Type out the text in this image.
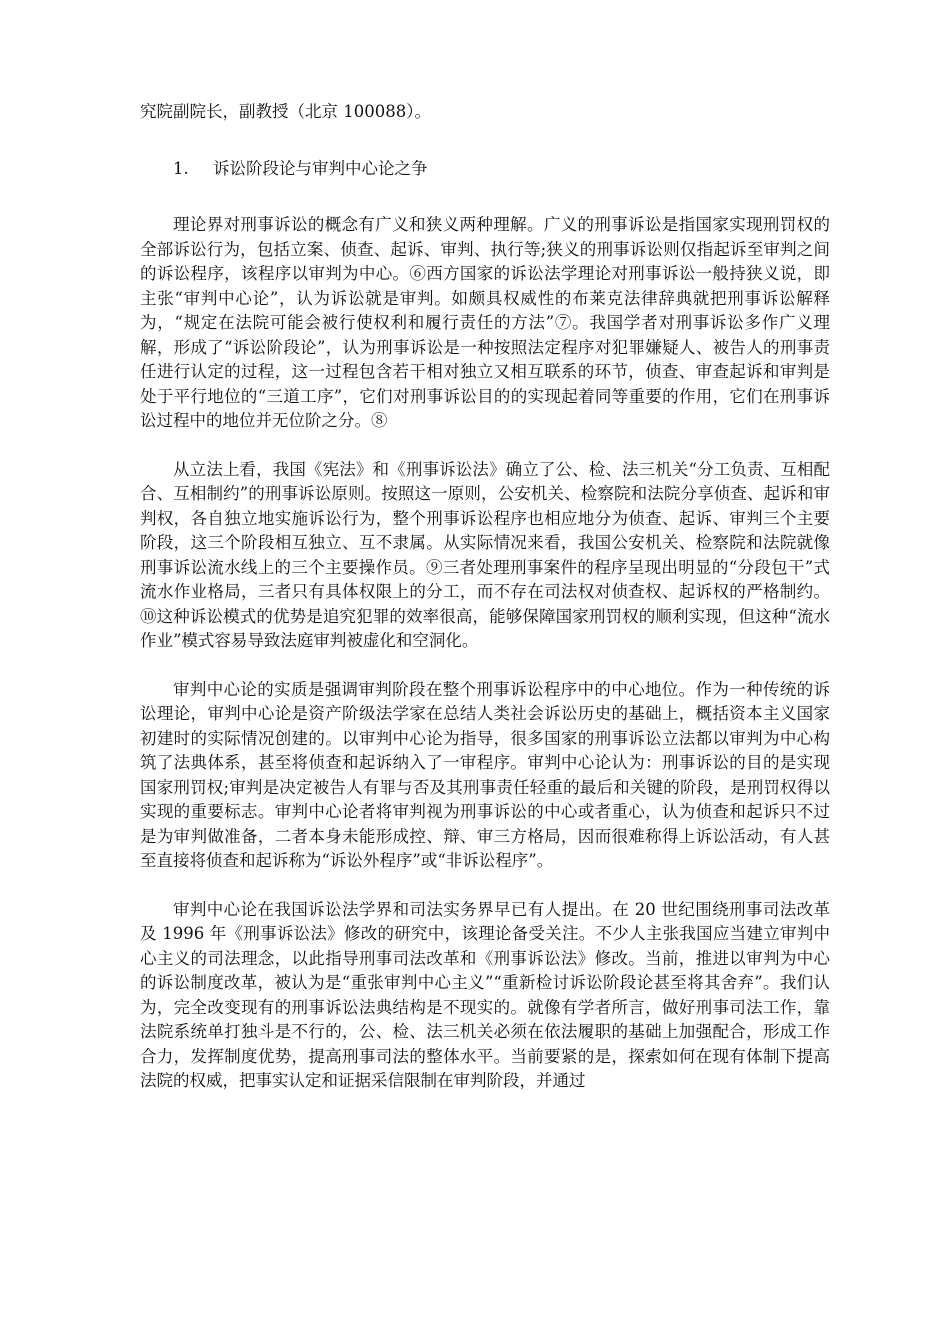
究院副院长，副教授（北京 100088）。

1.	诉讼阶段论与审判中心论之争

理论界对刑事诉讼的概念有广义和狭义两种理解。广义的刑事诉讼是指国家实现刑罚权的全部诉讼行为，包括立案、侦查、起诉、审判、执行等;狭义的刑事诉讼则仅指起诉至审判之间的诉讼程序，该程序以审判为中心。⑥西方国家的诉讼法学理论对刑事诉讼一般持狭义说，即主张“审判中心论”，认为诉讼就是审判。如颇具权威性的布莱克法律辞典就把刑事诉讼解释为，“规定在法院可能会被行使权利和履行责任的方法”⑦。我国学者对刑事诉讼多作广义理解，形成了“诉讼阶段论”，认为刑事诉讼是一种按照法定程序对犯罪嫌疑人、被告人的刑事责任进行认定的过程，这一过程包含若干相对独立又相互联系的环节，侦查、审查起诉和审判是处于平行地位的“三道工序”，它们对刑事诉讼目的的实现起着同等重要的作用，它们在刑事诉讼过程中的地位并无位阶之分。⑧

从立法上看，我国《宪法》和《刑事诉讼法》确立了公、检、法三机关“分工负责、互相配合、互相制约”的刑事诉讼原则。按照这一原则，公安机关、检察院和法院分享侦查、起诉和审判权，各自独立地实施诉讼行为，整个刑事诉讼程序也相应地分为侦查、起诉、审判三个主要阶段，这三个阶段相互独立、互不隶属。从实际情况来看，我国公安机关、检察院和法院就像刑事诉讼流水线上的三个主要操作员。⑨三者处理刑事案件的程序呈现出明显的“分段包干”式流水作业格局，三者只有具体权限上的分工，而不存在司法权对侦查权、起诉权的严格制约。⑩这种诉讼模式的优势是追究犯罪的效率很高，能够保障国家刑罚权的顺利实现，但这种“流水作业”模式容易导致法庭审判被虚化和空洞化。

审判中心论的实质是强调审判阶段在整个刑事诉讼程序中的中心地位。作为一种传统的诉讼理论，审判中心论是资产阶级法学家在总结人类社会诉讼历史的基础上，概括资本主义国家初建时的实际情况创建的。以审判中心论为指导，很多国家的刑事诉讼立法都以审判为中心构筑了法典体系，甚至将侦查和起诉纳入了一审程序。审判中心论认为：刑事诉讼的目的是实现国家刑罚权;审判是决定被告人有罪与否及其刑事责任轻重的最后和关键的阶段，是刑罚权得以实现的重要标志。审判中心论者将审判视为刑事诉讼的中心或者重心，认为侦查和起诉只不过是为审判做准备，二者本身未能形成控、辩、审三方格局，因而很难称得上诉讼活动，有人甚至直接将侦查和起诉称为“诉讼外程序”或“非诉讼程序”。

审判中心论在我国诉讼法学界和司法实务界早已有人提出。在 20 世纪围绕刑事司法改革及 1996 年《刑事诉讼法》修改的研究中，该理论备受关注。不少人主张我国应当建立审判中心主义的司法理念，以此指导刑事司法改革和《刑事诉讼法》修改。当前，推进以审判为中心的诉讼制度改革，被认为是“重张审判中心主义”“重新检讨诉讼阶段论甚至将其舍弃”。我们认为，完全改变现有的刑事诉讼法典结构是不现实的。就像有学者所言，做好刑事司法工作，靠法院系统单打独斗是不行的，公、检、法三机关必须在依法履职的基础上加强配合，形成工作合力，发挥制度优势，提高刑事司法的整体水平。当前要紧的是，探索如何在现有体制下提高法院的权威，把事实认定和证据采信限制在审判阶段，并通过
